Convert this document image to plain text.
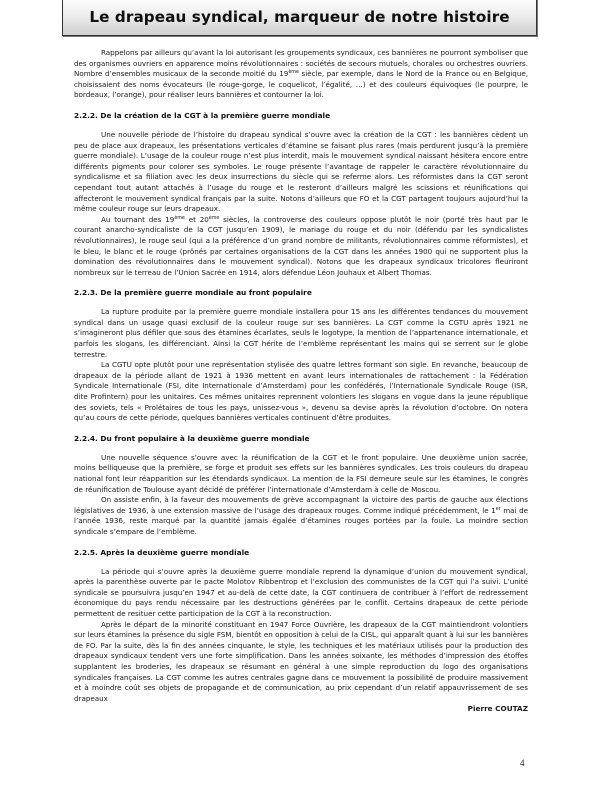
Le drapeau syndical, marqueur de notre histoire

Rappelons par ailleurs qu’avant la loi autorisant les groupements syndicaux, ces bannières ne pourront symboliser que des organismes ouvriers en apparence moins révolutionnaires : sociétés de secours mutuels, chorales ou orchestres ouvriers. Nombre d’ensembles musicaux de la seconde moitié du 19ème siècle, par exemple, dans le Nord de la France ou en Belgique, choisissaient des noms évocateurs (le rouge-gorge, le coquelicot, l’égalité, …) et des couleurs équivoques (le pourpre, le bordeaux, l’orange), pour réaliser leurs bannières et contourner la loi.

2.2.2. De la création de la CGT à la première guerre mondiale

Une nouvelle période de l’histoire du drapeau syndical s’ouvre avec la création de la CGT : les bannières cèdent un peu de place aux drapeaux, les présentations verticales d’étamine se faisant plus rares (mais perdurent jusqu’à la première guerre mondiale). L’usage de la couleur rouge n’est plus interdit, mais le mouvement syndical naissant hésitera encore entre différents pigments pour colorer ses symboles. Le rouge présente l’avantage de rappeler le caractère révolutionnaire du syndicalisme et sa filiation avec les deux insurrections du siècle qui se referme alors. Les réformistes dans la CGT seront cependant tout autant attachés à l’usage du rouge et le resteront d’ailleurs malgré les scissions et réunifications qui affecteront le mouvement syndical français par la suite. Notons d’ailleurs que FO et la CGT partagent toujours aujourd’hui la même couleur rouge sur leurs drapeaux.

Au tournant des 19ème et 20ème siècles, la controverse des couleurs oppose plutôt le noir (porté très haut par le courant anarcho-syndicaliste de la CGT jusqu’en 1909), le mariage du rouge et du noir (défendu par les syndicalistes révolutionnaires), le rouge seul (qui a la préférence d’un grand nombre de militants, révolutionnaires comme réformistes), et le bleu, le blanc et le rouge (prônés par certaines organisations de la CGT dans les années 1900 qui ne supportent plus la domination des révolutionnaires dans le mouvement syndical). Notons que les drapeaux syndicaux tricolores fleuriront nombreux sur le terreau de l’Union Sacrée en 1914, alors défendue Léon Jouhaux et Albert Thomas.

2.2.3. De la première guerre mondiale au front populaire

La rupture produite par la première guerre mondiale installera pour 15 ans les différentes tendances du mouvement syndical dans un usage quasi exclusif de la couleur rouge sur ses bannières. La CGT comme la CGTU après 1921 ne s’imagineront plus défiler que sous des étamines écarlates, seuls le logotype, la mention de l’appartenance internationale, et parfois les slogans, les différenciant. Ainsi la CGT hérite de l’emblème représentant les mains qui se serrent sur le globe terrestre.

La CGTU opte plutôt pour une représentation stylisée des quatre lettres formant son sigle. En revanche, beaucoup de drapeaux de la période allant de 1921 à 1936 mettent en avant leurs internationales de rattachement : la Fédération Syndicale Internationale (FSI, dite Internationale d’Amsterdam) pour les confédérés, l’Internationale Syndicale Rouge (ISR, dite Profintern) pour les unitaires. Ces mêmes unitaires reprennent volontiers les slogans en vogue dans la jeune république des soviets, tels « Prolétaires de tous les pays, unissez-vous », devenu sa devise après la révolution d’octobre. On notera qu’au cours de cette période, quelques bannières verticales continuent d’être produites.

2.2.4. Du front populaire à la deuxième guerre mondiale

Une nouvelle séquence s’ouvre avec la réunification de la CGT et le front populaire. Une deuxième union sacrée, moins belliqueuse que la première, se forge et produit ses effets sur les bannières syndicales. Les trois couleurs du drapeau national font leur réapparition sur les étendards syndicaux. La mention de la FSI demeure seule sur les étamines, le congrès de réunification de Toulouse ayant décidé de préférer l’internationale d’Amsterdam à celle de Moscou.

On assiste enfin, à la faveur des mouvements de grève accompagnant la victoire des partis de gauche aux élections législatives de 1936, à une extension massive de l’usage des drapeaux rouges. Comme indiqué précédemment, le 1er mai de l’année 1936, reste marqué par la quantité jamais égalée d’étamines rouges portées par la foule. La moindre section syndicale s’empare de l’emblème.

2.2.5. Après la deuxième guerre mondiale

La période qui s’ouvre après la deuxième guerre mondiale reprend la dynamique d’union du mouvement syndical, après la parenthèse ouverte par le pacte Molotov Ribbentrop et l’exclusion des communistes de la CGT qui l’a suivi. L’unité syndicale se poursuivra jusqu’en 1947 et au-delà de cette date, la CGT continuera de contribuer à l’effort de redressement économique du pays rendu nécessaire par les destructions générées par le conflit. Certains drapeaux de cette période permettent de resituer cette participation de la CGT à la reconstruction.

Après le départ de la minorité constituant en 1947 Force Ouvrière, les drapeaux de la CGT maintiendront volontiers sur leurs étamines la présence du sigle FSM, bientôt en opposition à celui de la CISL, qui apparaît quant à lui sur les bannières de FO. Par la suite, dès la fin des années cinquante, le style, les techniques et les matériaux utilisés pour la production des drapeaux syndicaux tendent vers une forte simplification. Dans les années soixante, les méthodes d’impression des étoffes supplantent les broderies, les drapeaux se résumant en général à une simple reproduction du logo des organisations syndicales françaises. La CGT comme les autres centrales gagne dans ce mouvement la possibilité de produire massivement et à moindre coût ses objets de propagande et de communication, au prix cependant d’un relatif appauvrissement de ses drapeaux

Pierre COUTAZ

4
